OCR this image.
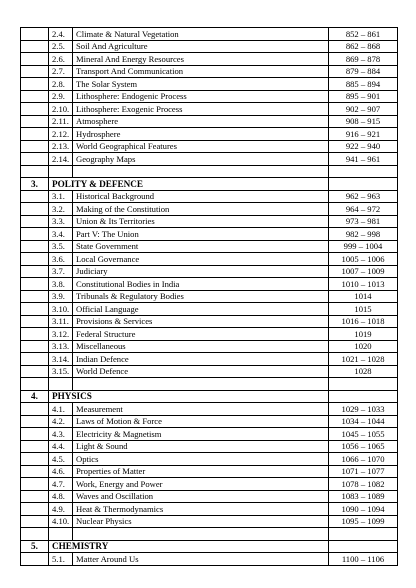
	2.4.	Climate & Natural Vegetation	852 – 861
	2.5.	Soil And Agriculture	862 – 868
	2.6.	Mineral And Energy Resources	869 – 878
	2.7.	Transport And Communication	879 – 884
	2.8.	The Solar System	885 – 894
	2.9.	Lithosphere: Endogenic Process	895 – 901
	2.10.	Lithosphere: Exogenic Process	902 – 907
	2.11.	Atmosphere	908 – 915
	2.12.	Hydrosphere	916 – 921
	2.13.	World Geographical Features	922 – 940
	2.14.	Geography Maps	941 – 961

3.	POLITY & DEFENCE		
	3.1.	Historical Background	962 – 963
	3.2.	Making of the Constitution	964 – 972
	3.3.	Union & Its Territories	973 – 981
	3.4.	Part V: The Union	982 – 998
	3.5.	State Government	999 – 1004
	3.6.	Local Governance	1005 – 1006
	3.7.	Judiciary	1007 – 1009
	3.8.	Constitutional Bodies in India	1010 – 1013
	3.9.	Tribunals & Regulatory Bodies	1014
	3.10.	Official Language	1015
	3.11.	Provisions & Services	1016 – 1018
	3.12.	Federal Structure	1019
	3.13.	Miscellaneous	1020
	3.14.	Indian Defence	1021 – 1028
	3.15.	World Defence	1028

4.	PHYSICS		
	4.1.	Measurement	1029 – 1033
	4.2.	Laws of Motion & Force	1034 – 1044
	4.3.	Electricity & Magnetism	1045 – 1055
	4.4.	Light & Sound	1056 – 1065
	4.5.	Optics	1066 – 1070
	4.6.	Properties of Matter	1071 – 1077
	4.7.	Work, Energy and Power	1078 – 1082
	4.8.	Waves and Oscillation	1083 – 1089
	4.9.	Heat & Thermodynamics	1090 – 1094
	4.10.	Nuclear Physics	1095 – 1099

5.	CHEMISTRY		
	5.1.	Matter Around Us	1100 – 1106
